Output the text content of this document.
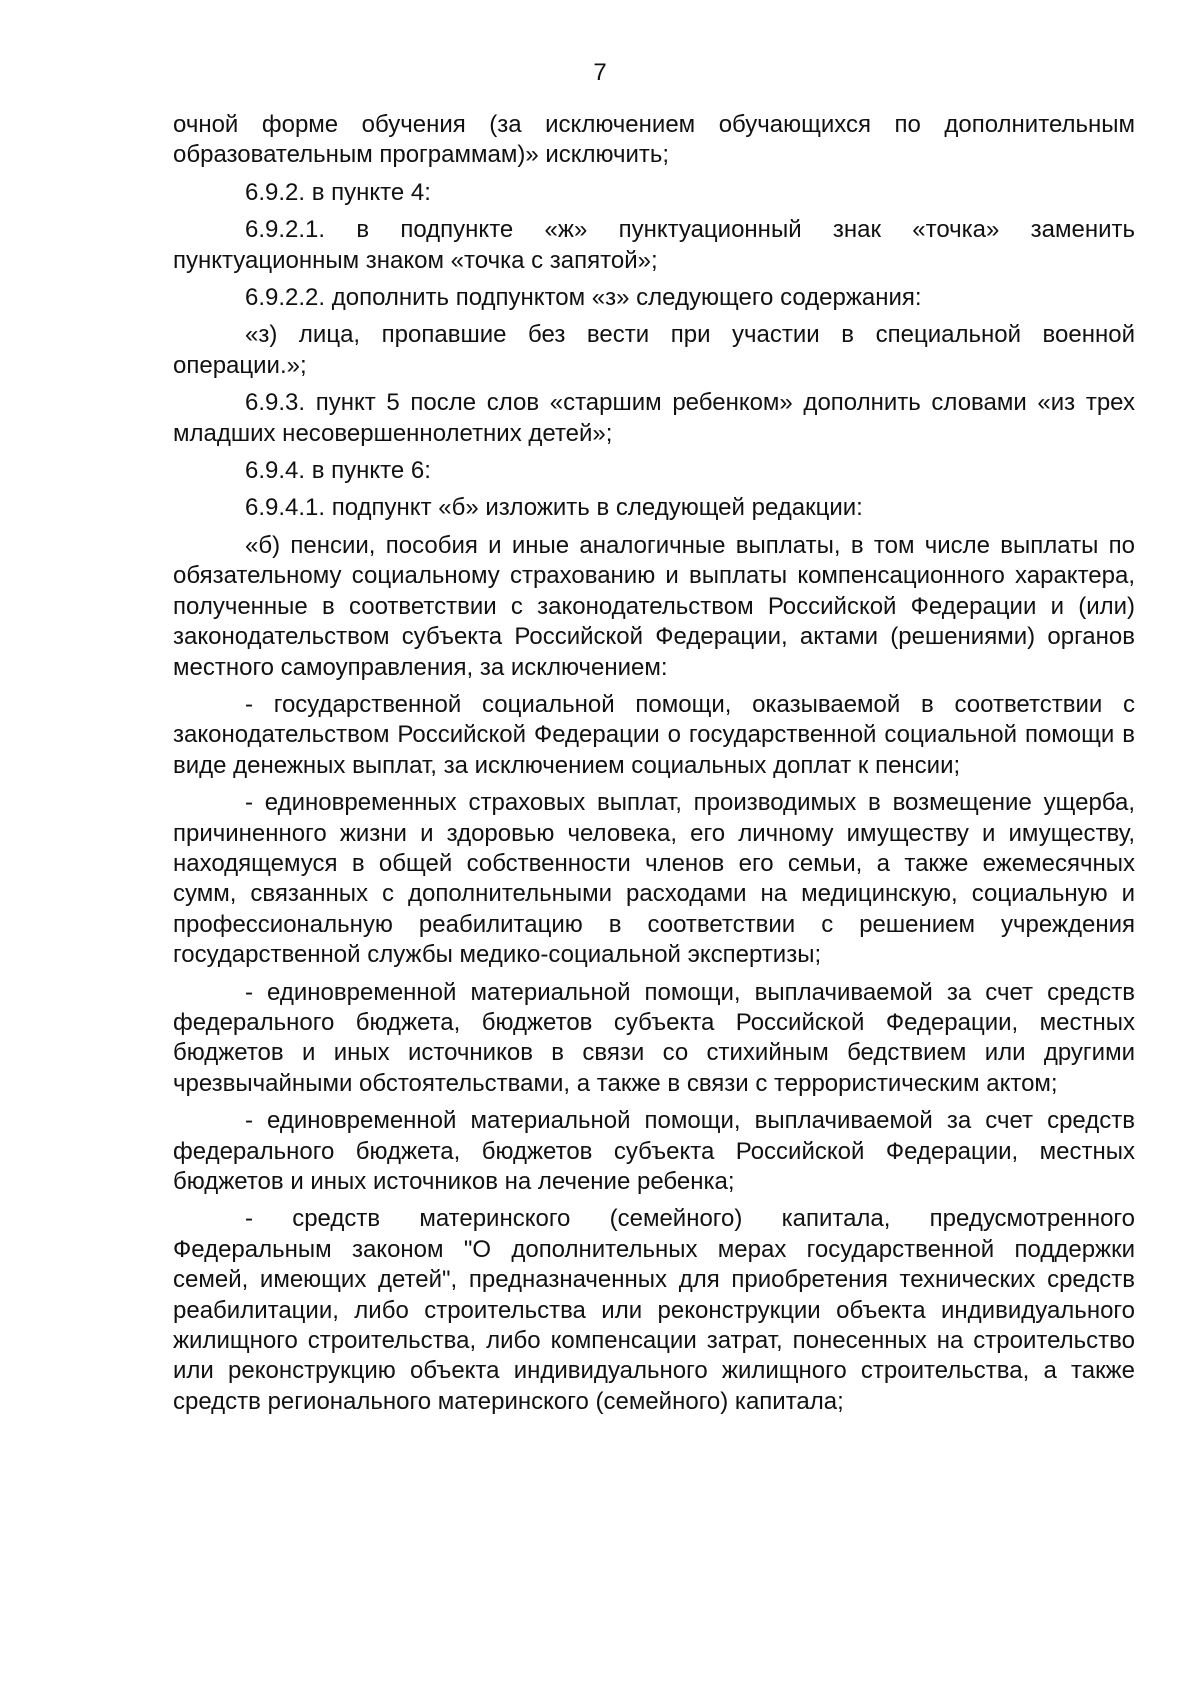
7

очной форме обучения (за исключением обучающихся по дополнительным образовательным программам)» исключить;

6.9.2. в пункте 4:

6.9.2.1. в подпункте «ж» пунктуационный знак «точка» заменить пунктуационным знаком «точка с запятой»;

6.9.2.2. дополнить подпунктом «з» следующего содержания:

«з) лица, пропавшие без вести при участии в специальной военной операции.»;

6.9.3. пункт 5 после слов «старшим ребенком» дополнить словами «из трех младших несовершеннолетних детей»;

6.9.4. в пункте 6:

6.9.4.1. подпункт «б» изложить в следующей редакции:

«б) пенсии, пособия и иные аналогичные выплаты, в том числе выплаты по обязательному социальному страхованию и выплаты компенсационного характера, полученные в соответствии с законодательством Российской Федерации и (или) законодательством субъекта Российской Федерации, актами (решениями) органов местного самоуправления, за исключением:

- государственной социальной помощи, оказываемой в соответствии с законодательством Российской Федерации о государственной социальной помощи в виде денежных выплат, за исключением социальных доплат к пенсии;

- единовременных страховых выплат, производимых в возмещение ущерба, причиненного жизни и здоровью человека, его личному имуществу и имуществу, находящемуся в общей собственности членов его семьи, а также ежемесячных сумм, связанных с дополнительными расходами на медицинскую, социальную и профессиональную реабилитацию в соответствии с решением учреждения государственной службы медико-социальной экспертизы;

- единовременной материальной помощи, выплачиваемой за счет средств федерального бюджета, бюджетов субъекта Российской Федерации, местных бюджетов и иных источников в связи со стихийным бедствием или другими чрезвычайными обстоятельствами, а также в связи с террористическим актом;

- единовременной материальной помощи, выплачиваемой за счет средств федерального бюджета, бюджетов субъекта Российской Федерации, местных бюджетов и иных источников на лечение ребенка;

- средств материнского (семейного) капитала, предусмотренного Федеральным законом "О дополнительных мерах государственной поддержки семей, имеющих детей", предназначенных для приобретения технических средств реабилитации, либо строительства или реконструкции объекта индивидуального жилищного строительства, либо компенсации затрат, понесенных на строительство или реконструкцию объекта индивидуального жилищного строительства, а также средств регионального материнского (семейного) капитала;
